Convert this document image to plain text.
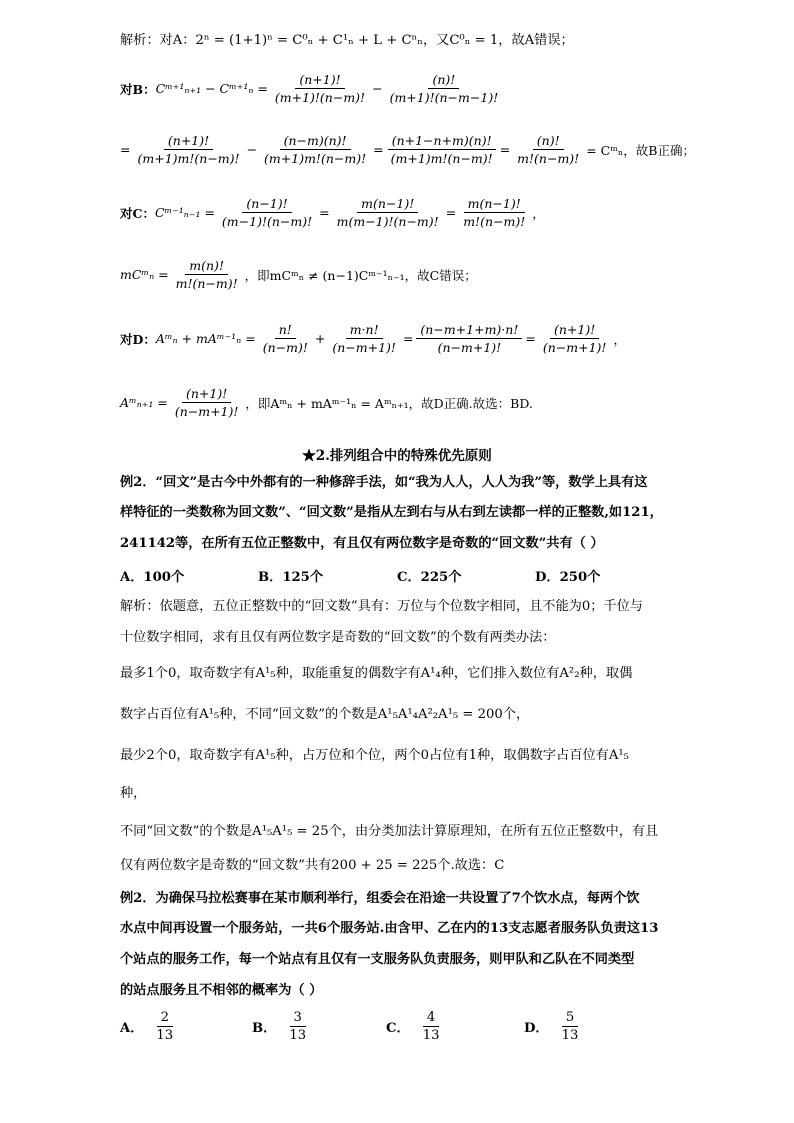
解析：对A：2ⁿ = (1+1)ⁿ = C⁰ₙ + C¹ₙ + L + Cⁿₙ，又C⁰ₙ = 1，故A错误；
对B： Cᵐ⁺¹ₙ₊₁ − Cᵐ⁺¹ₙ = $\frac{(n+1)!}{(m+1)!(n-m)!} - \frac{(n)!}{(m+1)!(n-m-1)!}$
= $\frac{(n+1)!}{(m+1)m!(n-m)!} - \frac{(n-m)(n)!}{(m+1)m!(n-m)!} = \frac{(n+1-n+m)(n)!}{(m+1)m!(n-m)!} = \frac{(n)!}{m!(n-m)!}$ = Cᵐₙ，故B正确；
对C： Cᵐ⁻¹ₙ₋₁ = $\frac{(n-1)!}{(m-1)!(n-m)!} = \frac{m(n-1)!}{m(m-1)!(n-m)!} = \frac{m(n-1)!}{m!(n-m)!}$ ，
mCᵐₙ = $\frac{m(n)!}{m!(n-m)!}$ ，即mCᵐₙ ≠ (n−1)Cᵐ⁻¹ₙ₋₁，故C错误；
对D： Aᵐₙ + mAᵐ⁻¹ₙ = $\frac{n!}{(n-m)!} + \frac{m\cdot n!}{(n-m+1)!} = \frac{(n-m+1+m)\cdot n!}{(n-m+1)!} = \frac{(n+1)!}{(n-m+1)!}$ ，
Aᵐₙ₊₁ = $\frac{(n+1)!}{(n-m+1)!}$ ，即Aᵐₙ + mAᵐ⁻¹ₙ = Aᵐₙ₊₁，故D正确.故选：BD.
★2.排列组合中的特殊优先原则
例2．“回文”是古今中外都有的一种修辞手法，如“我为人人，人人为我”等，数学上具有这
样特征的一类数称为回文数”、“回文数”是指从左到右与从右到左读都一样的正整数,如121，
241142等，在所有五位正整数中，有且仅有两位数字是奇数的“回文数”共有（ ）
A．100个	B．125个	C．225个	D．250个
解析：依题意，五位正整数中的“回文数”具有：万位与个位数字相同，且不能为0；千位与
十位数字相同，求有且仅有两位数字是奇数的“回文数”的个数有两类办法：
最多1个0，取奇数字有A¹₅种，取能重复的偶数字有A¹₄种，它们排入数位有A²₂种，取偶
数字占百位有A¹₅种，不同“回文数”的个数是A¹₅A¹₄A²₂A¹₅ = 200个，
最少2个0，取奇数字有A¹₅种，占万位和个位，两个0占位有1种，取偶数字占百位有A¹₅
种，
不同“回文数”的个数是A¹₅A¹₅ = 25个，由分类加法计算原理知，在所有五位正整数中，有且
仅有两位数字是奇数的“回文数”共有200 + 25 = 225个.故选：C
例2．为确保马拉松赛事在某市顺利举行，组委会在沿途一共设置了7个饮水点，每两个饮
水点中间再设置一个服务站，一共6个服务站.由含甲、乙在内的13支志愿者服务队负责这13
个站点的服务工作，每一个站点有且仅有一支服务队负责服务，则甲队和乙队在不同类型
的站点服务且不相邻的概率为（ ）
A． $\frac{2}{13}$	B． $\frac{3}{13}$	C． $\frac{4}{13}$	D． $\frac{5}{13}$
